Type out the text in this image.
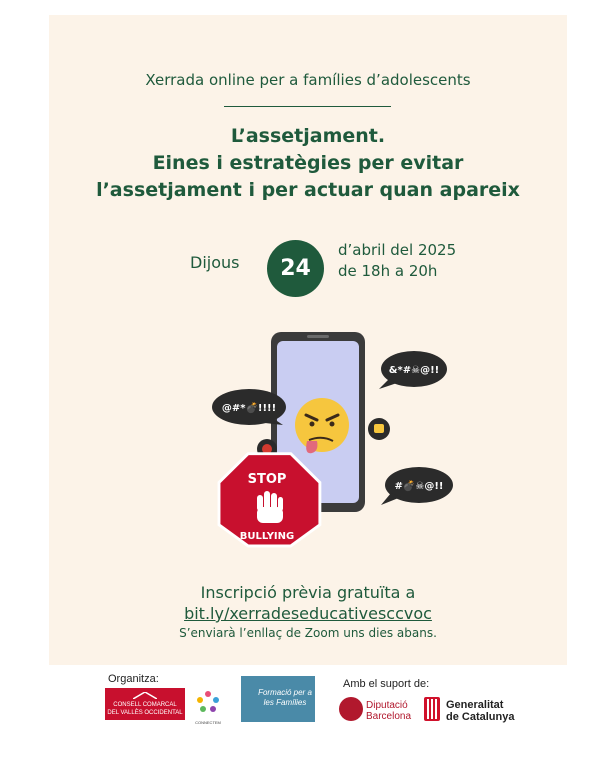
Xerrada online per a famílies d’adolescents
L’assetjament.
Eines i estratègies per evitar
l’assetjament i per actuar quan apareix
Dijous	24
d’abril del 2025
de 18h a 20h
&*#☠@!!
@#*💣!!!!
#💣☠@!!
STOP
BULLYING
Inscripció prèvia gratuïta a
bit.ly/xerradeseducativesccvoc
S’enviarà l’enllaç de Zoom uns dies abans.
Organitza:	Amb el suport de:
CONSELL COMARCAL
DEL VALLÈS OCCIDENTAL
CONNECTEM
Formació per a
les Famílies	Diputació
Barcelona
Generalitat
de Catalunya
